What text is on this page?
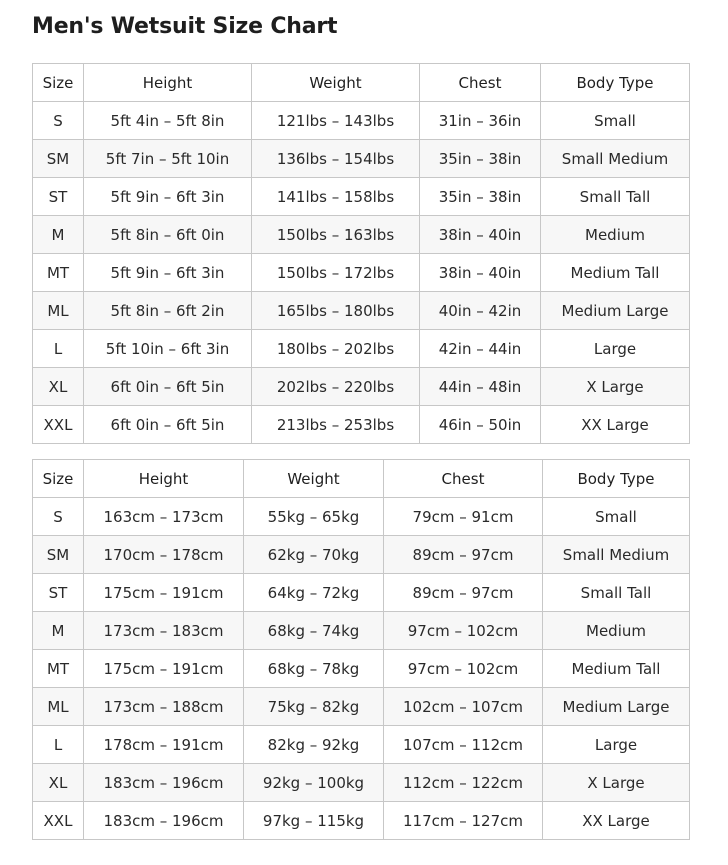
Men's Wetsuit Size Chart
Size	Height	Weight	Chest	Body Type
S	5ft 4in – 5ft 8in	121lbs – 143lbs	31in – 36in	Small
SM	5ft 7in – 5ft 10in	136lbs – 154lbs	35in – 38in	Small Medium
ST	5ft 9in – 6ft 3in	141lbs – 158lbs	35in – 38in	Small Tall
M	5ft 8in – 6ft 0in	150lbs – 163lbs	38in – 40in	Medium
MT	5ft 9in – 6ft 3in	150lbs – 172lbs	38in – 40in	Medium Tall
ML	5ft 8in – 6ft 2in	165lbs – 180lbs	40in – 42in	Medium Large
L	5ft 10in – 6ft 3in	180lbs – 202lbs	42in – 44in	Large
XL	6ft 0in – 6ft 5in	202lbs – 220lbs	44in – 48in	X Large
XXL	6ft 0in – 6ft 5in	213lbs – 253lbs	46in – 50in	XX Large
Size	Height	Weight	Chest	Body Type
S	163cm – 173cm	55kg – 65kg	79cm – 91cm	Small
SM	170cm – 178cm	62kg – 70kg	89cm – 97cm	Small Medium
ST	175cm – 191cm	64kg – 72kg	89cm – 97cm	Small Tall
M	173cm – 183cm	68kg – 74kg	97cm – 102cm	Medium
MT	175cm – 191cm	68kg – 78kg	97cm – 102cm	Medium Tall
ML	173cm – 188cm	75kg – 82kg	102cm – 107cm	Medium Large
L	178cm – 191cm	82kg – 92kg	107cm – 112cm	Large
XL	183cm – 196cm	92kg – 100kg	112cm – 122cm	X Large
XXL	183cm – 196cm	97kg – 115kg	117cm – 127cm	XX Large
